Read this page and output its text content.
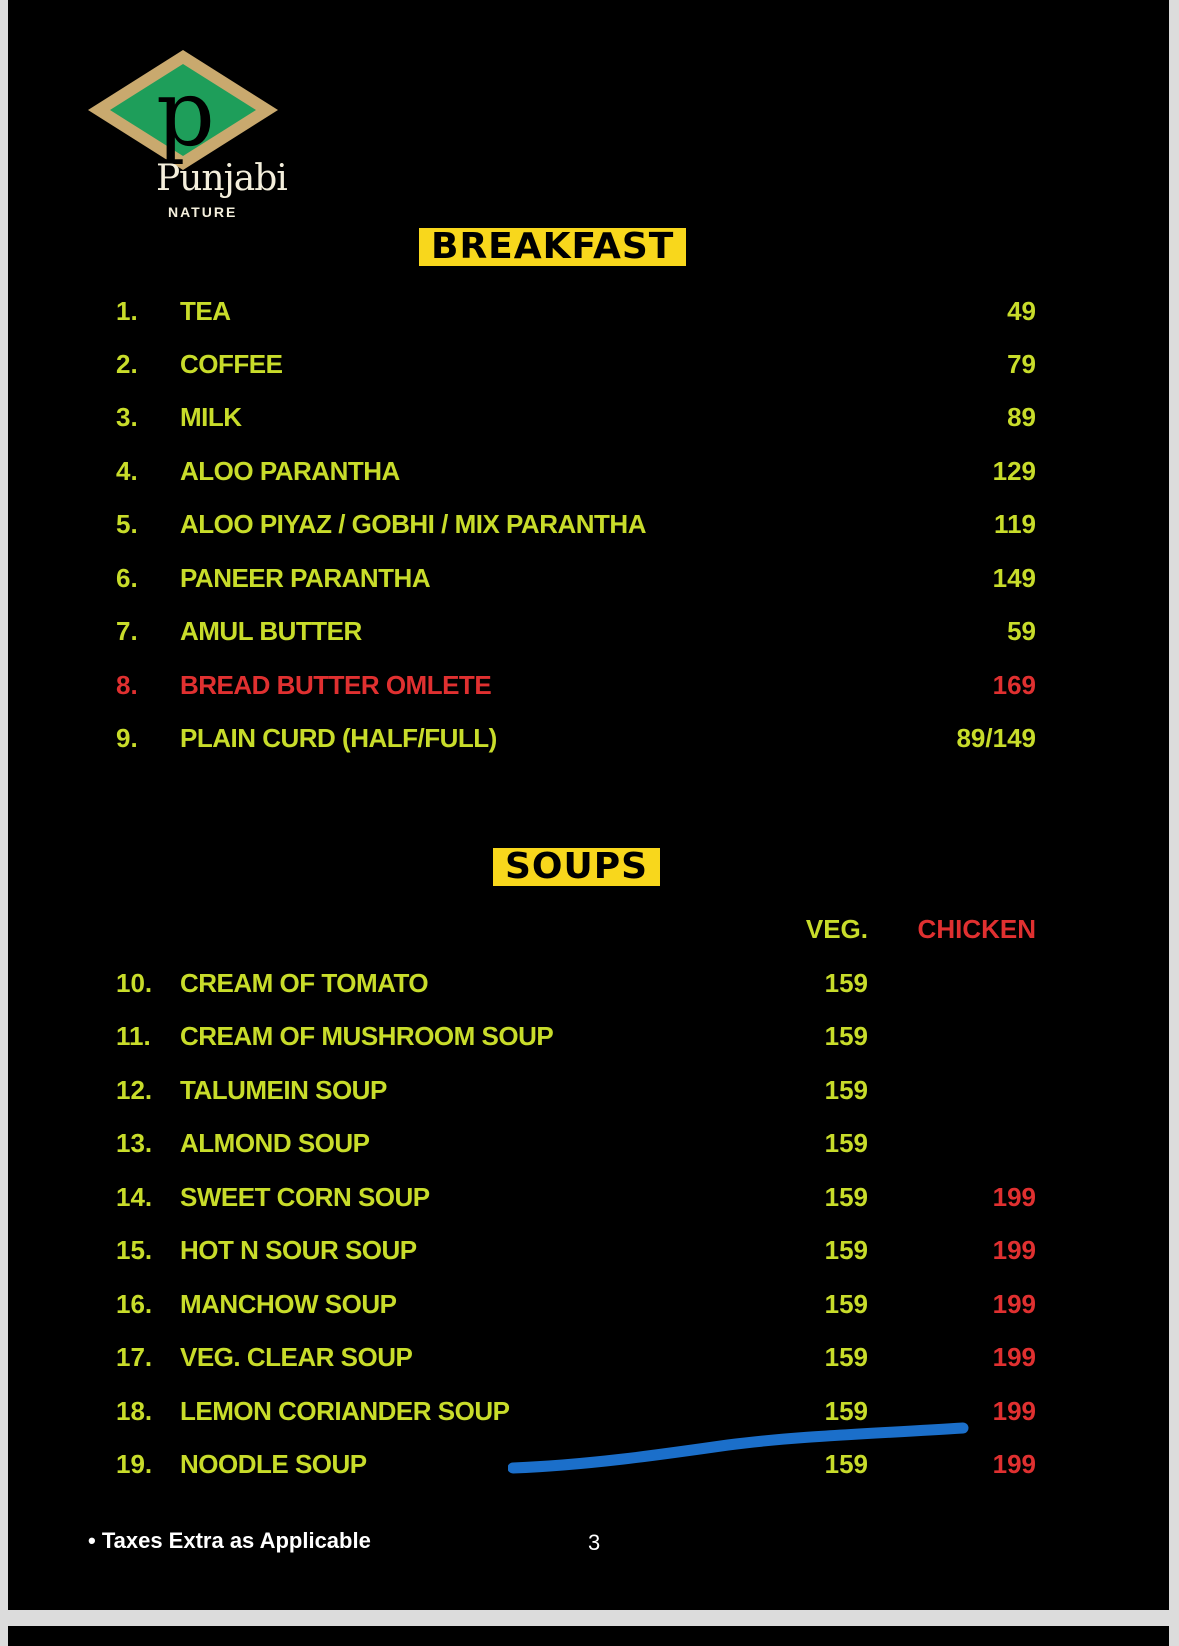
p
Punjabi
NATURE
BREAKFAST
1. TEA	49
2. COFFEE	79
3. MILK	89
4. ALOO PARANTHA	129
5. ALOO PIYAZ / GOBHI / MIX PARANTHA	119
6. PANEER PARANTHA	149
7. AMUL BUTTER	59
8. BREAD BUTTER OMLETE	169
9. PLAIN CURD (HALF/FULL)	89/149
SOUPS
VEG. CHICKEN
10. CREAM OF TOMATO	159
11. CREAM OF MUSHROOM SOUP	159
12. TALUMEIN SOUP	159
13. ALMOND SOUP	159
14. SWEET CORN SOUP	159	199
15. HOT N SOUR SOUP	159	199
16. MANCHOW SOUP	159	199
17. VEG. CLEAR SOUP	159	199
18. LEMON CORIANDER SOUP	159	199
19. NOODLE SOUP	159	199
• Taxes Extra as Applicable	3
